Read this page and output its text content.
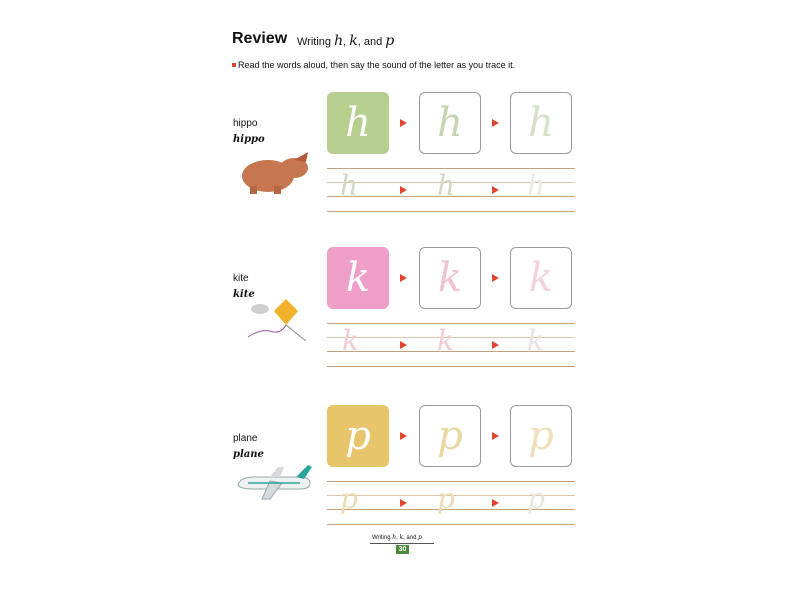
Review Writing h, k, and p
Read the words aloud, then say the sound of the letter as you trace it.
hippo
hippo h h h
h	h	h
kite
kite k k k
k	k	k
plane
plane p p p
p	p	p
Writing h, k, and p
30
